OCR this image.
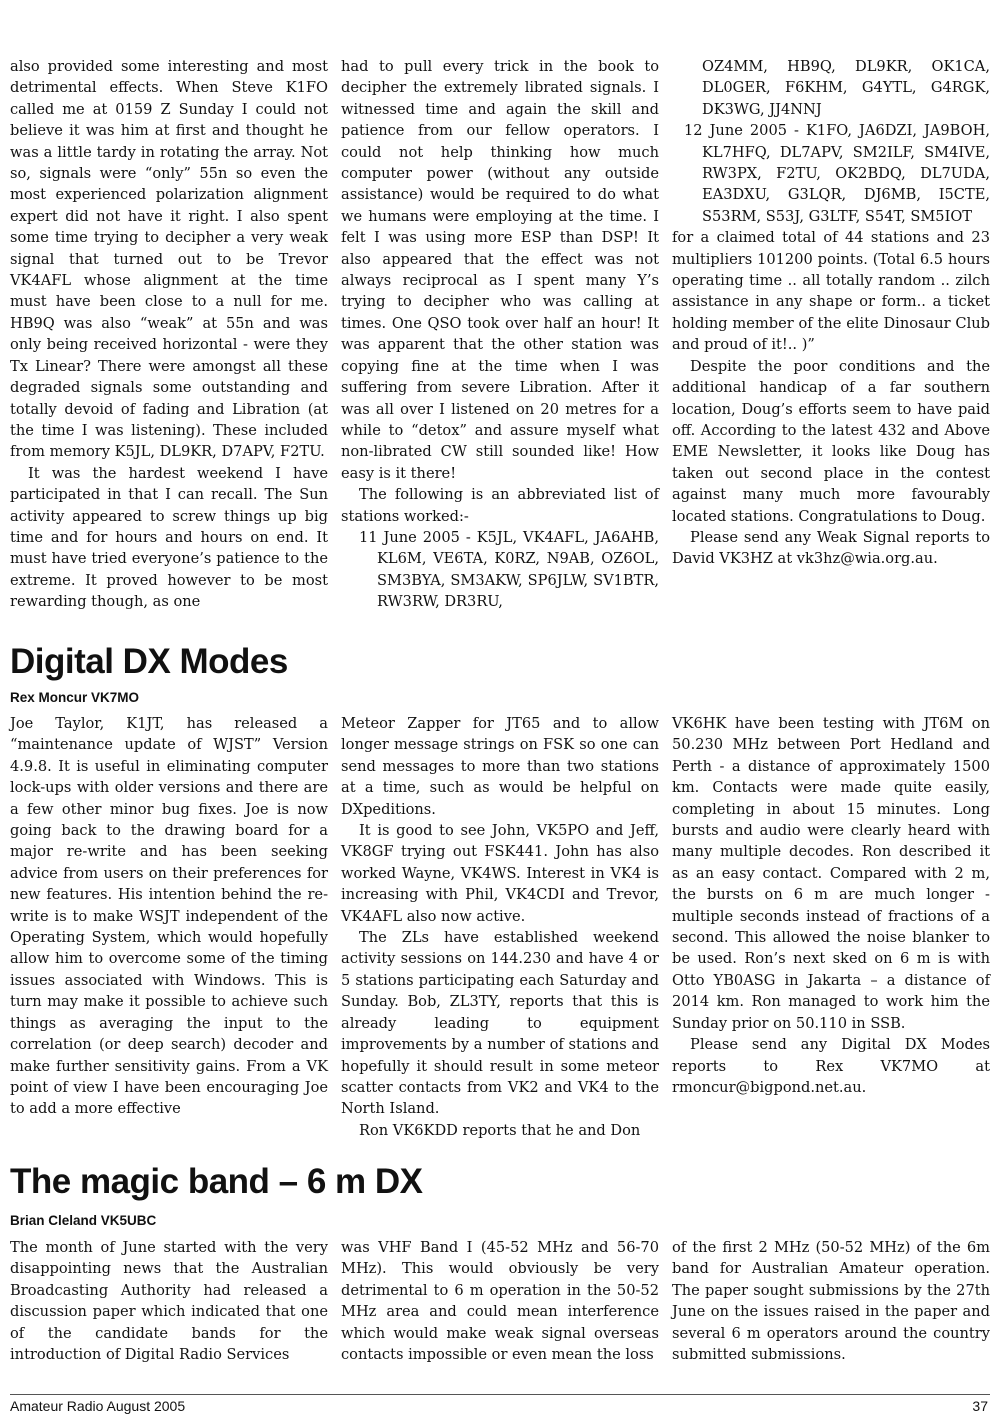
also provided some interesting and most detrimental effects. When Steve K1FO called me at 0159 Z Sunday I could not believe it was him at first and thought he was a little tardy in rotating the array. Not so, signals were “only” 55n so even the most experienced polarization alignment expert did not have it right. I also spent some time trying to decipher a very weak signal that turned out to be Trevor VK4AFL whose alignment at the time must have been close to a null for me. HB9Q was also “weak” at 55n and was only being received horizontal - were they Tx Linear? There were amongst all these degraded signals some outstanding and totally devoid of fading and Libration (at the time I was listening). These included from memory K5JL, DL9KR, D7APV, F2TU.

It was the hardest weekend I have participated in that I can recall. The Sun activity appeared to screw things up big time and for hours and hours on end. It must have tried everyone’s patience to the extreme. It proved however to be most rewarding though, as one

had to pull every trick in the book to decipher the extremely librated signals. I witnessed time and again the skill and patience from our fellow operators. I could not help thinking how much computer power (without any outside assistance) would be required to do what we humans were employing at the time. I felt I was using more ESP than DSP! It also appeared that the effect was not always reciprocal as I spent many Y’s trying to decipher who was calling at times. One QSO took over half an hour! It was apparent that the other station was copying fine at the time when I was suffering from severe Libration. After it was all over I listened on 20 metres for a while to “detox” and assure myself what non-librated CW still sounded like! How easy is it there!

The following is an abbreviated list of stations worked:-

11 June 2005 - K5JL, VK4AFL, JA6AHB, KL6M, VE6TA, K0RZ, N9AB, OZ6OL, SM3BYA, SM3AKW, SP6JLW, SV1BTR, RW3RW, DR3RU,

OZ4MM, HB9Q, DL9KR, OK1CA, DL0GER, F6KHM, G4YTL, G4RGK, DK3WG, JJ4NNJ

12 June 2005 - K1FO, JA6DZI, JA9BOH, KL7HFQ, DL7APV, SM2ILF, SM4IVE, RW3PX, F2TU, OK2BDQ, DL7UDA, EA3DXU, G3LQR, DJ6MB, I5CTE, S53RM, S53J, G3LTF, S54T, SM5IOT

for a claimed total of 44 stations and 23 multipliers 101200 points. (Total 6.5 hours operating time .. all totally random .. zilch assistance in any shape or form.. a ticket holding member of the elite Dinosaur Club and proud of it!.. )”

Despite the poor conditions and the additional handicap of a far southern location, Doug’s efforts seem to have paid off. According to the latest 432 and Above EME Newsletter, it looks like Doug has taken out second place in the contest against many much more favourably located stations. Congratulations to Doug.

Please send any Weak Signal reports to David VK3HZ at vk3hz@wia.org.au.

Digital DX Modes

Rex Moncur VK7MO

Joe Taylor, K1JT, has released a “maintenance update of WJST” Version 4.9.8. It is useful in eliminating computer lock-ups with older versions and there are a few other minor bug fixes. Joe is now going back to the drawing board for a major re-write and has been seeking advice from users on their preferences for new features. His intention behind the re-write is to make WSJT independent of the Operating System, which would hopefully allow him to overcome some of the timing issues associated with Windows. This is turn may make it possible to achieve such things as averaging the input to the correlation (or deep search) decoder and make further sensitivity gains. From a VK point of view I have been encouraging Joe to add a more effective

Meteor Zapper for JT65 and to allow longer message strings on FSK so one can send messages to more than two stations at a time, such as would be helpful on DXpeditions.

It is good to see John, VK5PO and Jeff, VK8GF trying out FSK441. John has also worked Wayne, VK4WS. Interest in VK4 is increasing with Phil, VK4CDI and Trevor, VK4AFL also now active.

The ZLs have established weekend activity sessions on 144.230 and have 4 or 5 stations participating each Saturday and Sunday. Bob, ZL3TY, reports that this is already leading to equipment improvements by a number of stations and hopefully it should result in some meteor scatter contacts from VK2 and VK4 to the North Island.

Ron VK6KDD reports that he and Don

VK6HK have been testing with JT6M on 50.230 MHz between Port Hedland and Perth - a distance of approximately 1500 km. Contacts were made quite easily, completing in about 15 minutes. Long bursts and audio were clearly heard with many multiple decodes. Ron described it as an easy contact. Compared with 2 m, the bursts on 6 m are much longer - multiple seconds instead of fractions of a second. This allowed the noise blanker to be used. Ron’s next sked on 6 m is with Otto YB0ASG in Jakarta – a distance of 2014 km. Ron managed to work him the Sunday prior on 50.110 in SSB.

Please send any Digital DX Modes reports to Rex VK7MO at rmoncur@bigpond.net.au.

The magic band – 6 m DX

Brian Cleland VK5UBC

The month of June started with the very disappointing news that the Australian Broadcasting Authority had released a discussion paper which indicated that one of the candidate bands for the introduction of Digital Radio Services

was VHF Band I (45-52 MHz and 56-70 MHz). This would obviously be very detrimental to 6 m operation in the 50-52 MHz area and could mean interference which would make weak signal overseas contacts impossible or even mean the loss

of the first 2 MHz (50-52 MHz) of the 6m band for Australian Amateur operation. The paper sought submissions by the 27th June on the issues raised in the paper and several 6 m operators around the country submitted submissions.

Amateur Radio August 2005	37
